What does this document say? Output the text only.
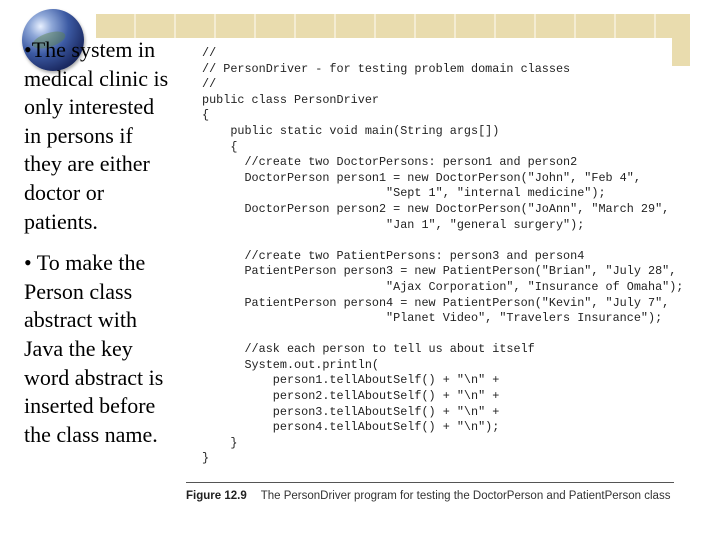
•The system in medical clinic is only interested in persons if they are either doctor or patients.

• To make the Person class abstract with Java the key word abstract is inserted before the class name.

//
// PersonDriver - for testing problem domain classes
//
public class PersonDriver
{
public static void main(String args[])
{
//create two DoctorPersons: person1 and person2
DoctorPerson person1 = new DoctorPerson("John", "Feb 4",
"Sept 1", "internal medicine");
DoctorPerson person2 = new DoctorPerson("JoAnn", "March 29",
"Jan 1", "general surgery");
//create two PatientPersons: person3 and person4
PatientPerson person3 = new PatientPerson("Brian", "July 28",
"Ajax Corporation", "Insurance of Omaha");
PatientPerson person4 = new PatientPerson("Kevin", "July 7",
"Planet Video", "Travelers Insurance");
//ask each person to tell us about itself
System.out.println(
person1.tellAboutSelf() + "\n" +
person2.tellAboutSelf() + "\n" +
person3.tellAboutSelf() + "\n" +
person4.tellAboutSelf() + "\n");
}
}
Figure 12.9 The PersonDriver program for testing the DoctorPerson and PatientPerson class
